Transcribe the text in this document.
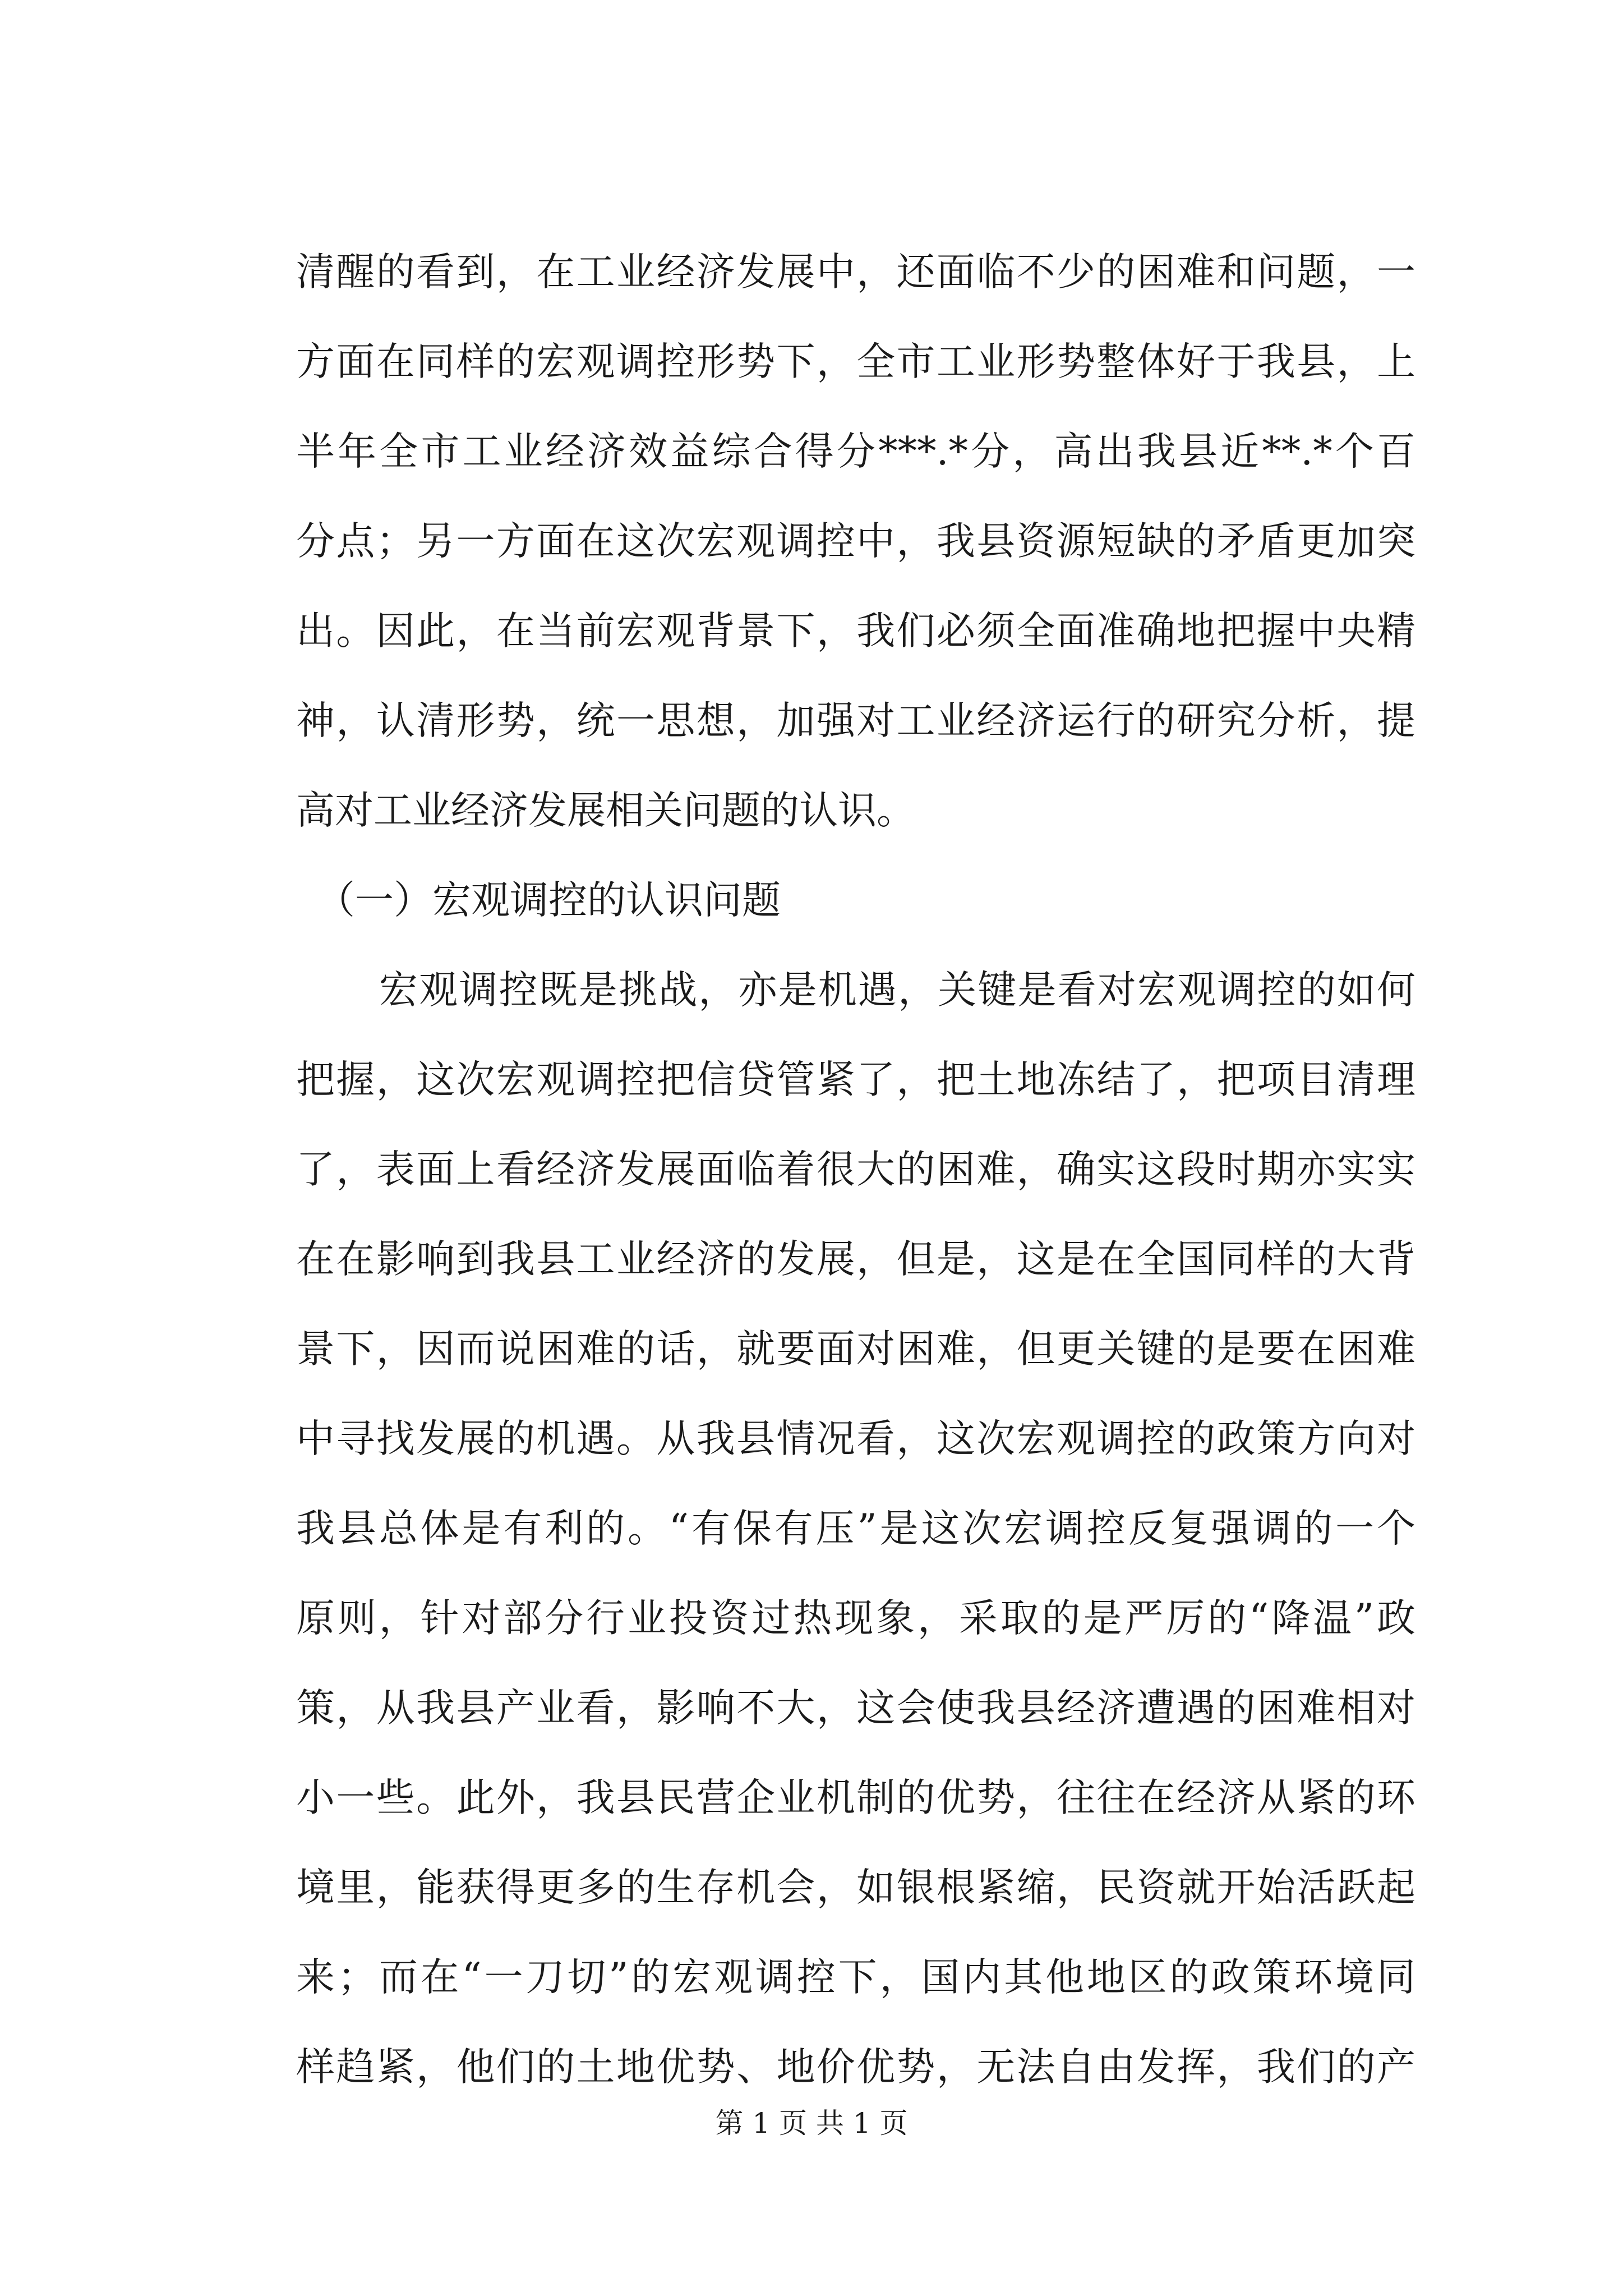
清醒的看到，在工业经济发展中，还面临不少的困难和问题，一
方面在同样的宏观调控形势下，全市工业形势整体好于我县，上
半年全市工业经济效益综合得分***.*分，高出我县近**.*个百
分点；另一方面在这次宏观调控中，我县资源短缺的矛盾更加突
出。因此，在当前宏观背景下，我们必须全面准确地把握中央精
神，认清形势，统一思想，加强对工业经济运行的研究分析，提
高对工业经济发展相关问题的认识。
（一）宏观调控的认识问题
宏观调控既是挑战，亦是机遇，关键是看对宏观调控的如何
把握，这次宏观调控把信贷管紧了，把土地冻结了，把项目清理
了，表面上看经济发展面临着很大的困难，确实这段时期亦实实
在在影响到我县工业经济的发展，但是，这是在全国同样的大背
景下，因而说困难的话，就要面对困难，但更关键的是要在困难
中寻找发展的机遇。从我县情况看，这次宏观调控的政策方向对
我县总体是有利的。“有保有压”是这次宏调控反复强调的一个
原则，针对部分行业投资过热现象，采取的是严厉的“降温”政
策，从我县产业看，影响不大，这会使我县经济遭遇的困难相对
小一些。此外，我县民营企业机制的优势，往往在经济从紧的环
境里，能获得更多的生存机会，如银根紧缩，民资就开始活跃起
来；而在“一刀切”的宏观调控下，国内其他地区的政策环境同
第 1 页 共 1 页
样趋紧，他们的土地优势、地价优势，无法自由发挥，我们的产
